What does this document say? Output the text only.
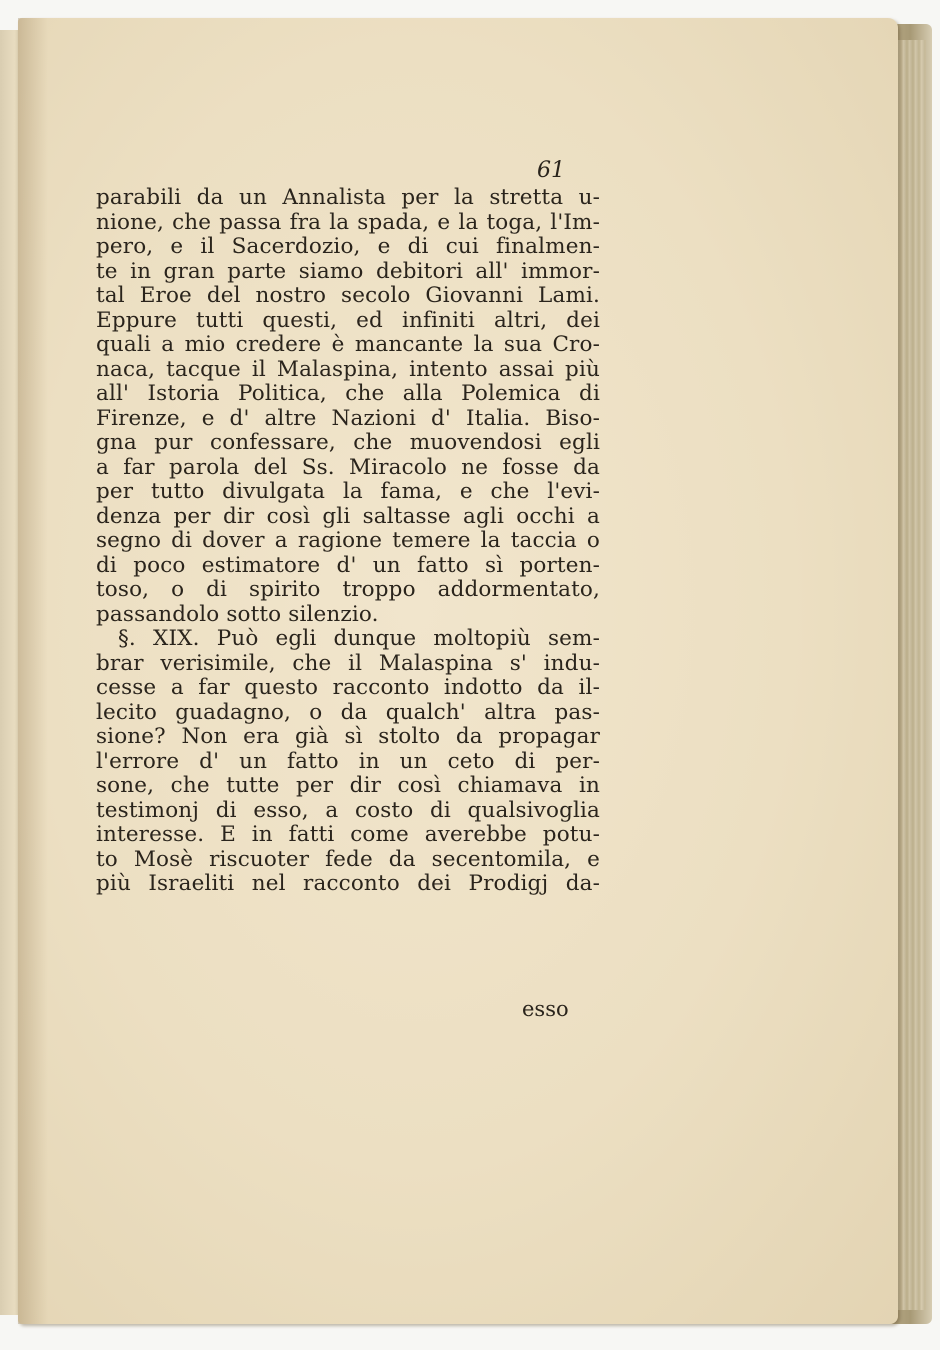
61
parabili da un Annalista per la stretta u-
nione, che passa fra la spada, e la toga, l'Im-
pero, e il Sacerdozio, e di cui finalmen-
te in gran parte siamo debitori all' immor-
tal Eroe del nostro secolo Giovanni Lami.
Eppure tutti questi, ed infiniti altri, dei
quali a mio credere è mancante la sua Cro-
naca, tacque il Malaspina, intento assai più
all' Istoria Politica, che alla Polemica di
Firenze, e d' altre Nazioni d' Italia. Biso-
gna pur confessare, che muovendosi egli
a far parola del Ss. Miracolo ne fosse da
per tutto divulgata la fama, e che l'evi-
denza per dir così gli saltasse agli occhi a
segno di dover a ragione temere la taccia o
di poco estimatore d' un fatto sì porten-
toso, o di spirito troppo addormentato,
passandolo sotto silenzio.
§. XIX. Può egli dunque moltopiù sem-
brar verisimile, che il Malaspina s' indu-
cesse a far questo racconto indotto da il-
lecito guadagno, o da qualch' altra pas-
sione? Non era già sì stolto da propagar
l'errore d' un fatto in un ceto di per-
sone, che tutte per dir così chiamava in
testimonj di esso, a costo di qualsivoglia
interesse. E in fatti come averebbe potu-
to Mosè riscuoter fede da secentomila, e
più Israeliti nel racconto dei Prodigj da-
esso
